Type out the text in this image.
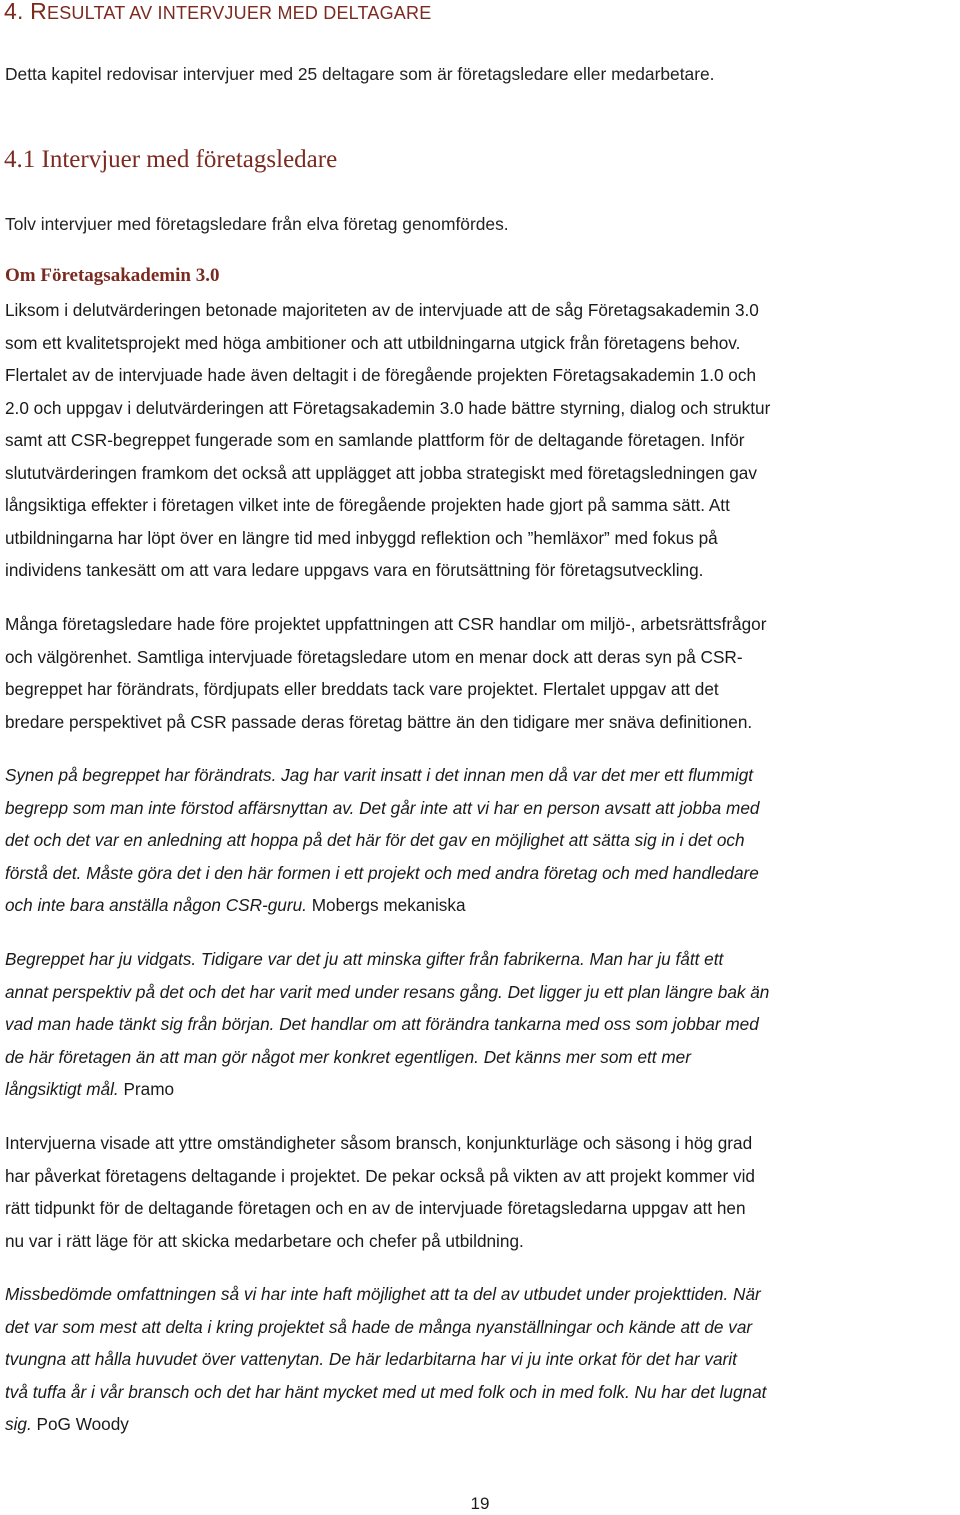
4. RESULTAT AV INTERVJUER MED DELTAGARE
Detta kapitel redovisar intervjuer med 25 deltagare som är företagsledare eller medarbetare.
4.1 Intervjuer med företagsledare
Tolv intervjuer med företagsledare från elva företag genomfördes.
Om Företagsakademin 3.0
Liksom i delutvärderingen betonade majoriteten av de intervjuade att de såg Företagsakademin 3.0
som ett kvalitetsprojekt med höga ambitioner och att utbildningarna utgick från företagens behov.
Flertalet av de intervjuade hade även deltagit i de föregående projekten Företagsakademin 1.0 och
2.0 och uppgav i delutvärderingen att Företagsakademin 3.0 hade bättre styrning, dialog och struktur
samt att CSR-begreppet fungerade som en samlande plattform för de deltagande företagen. Inför
slututvärderingen framkom det också att upplägget att jobba strategiskt med företagsledningen gav
långsiktiga effekter i företagen vilket inte de föregående projekten hade gjort på samma sätt. Att
utbildningarna har löpt över en längre tid med inbyggd reflektion och ”hemläxor” med fokus på
individens tankesätt om att vara ledare uppgavs vara en förutsättning för företagsutveckling.
Många företagsledare hade före projektet uppfattningen att CSR handlar om miljö-, arbetsrättsfrågor
och välgörenhet. Samtliga intervjuade företagsledare utom en menar dock att deras syn på CSR-
begreppet har förändrats, fördjupats eller breddats tack vare projektet. Flertalet uppgav att det
bredare perspektivet på CSR passade deras företag bättre än den tidigare mer snäva definitionen.
Synen på begreppet har förändrats. Jag har varit insatt i det innan men då var det mer ett flummigt
begrepp som man inte förstod affärsnyttan av. Det går inte att vi har en person avsatt att jobba med
det och det var en anledning att hoppa på det här för det gav en möjlighet att sätta sig in i det och
förstå det. Måste göra det i den här formen i ett projekt och med andra företag och med handledare
och inte bara anställa någon CSR-guru. Mobergs mekaniska
Begreppet har ju vidgats. Tidigare var det ju att minska gifter från fabrikerna. Man har ju fått ett
annat perspektiv på det och det har varit med under resans gång. Det ligger ju ett plan längre bak än
vad man hade tänkt sig från början. Det handlar om att förändra tankarna med oss som jobbar med
de här företagen än att man gör något mer konkret egentligen. Det känns mer som ett mer
långsiktigt mål. Pramo
Intervjuerna visade att yttre omständigheter såsom bransch, konjunkturläge och säsong i hög grad
har påverkat företagens deltagande i projektet. De pekar också på vikten av att projekt kommer vid
rätt tidpunkt för de deltagande företagen och en av de intervjuade företagsledarna uppgav att hen
nu var i rätt läge för att skicka medarbetare och chefer på utbildning.
Missbedömde omfattningen så vi har inte haft möjlighet att ta del av utbudet under projekttiden. När
det var som mest att delta i kring projektet så hade de många nyanställningar och kände att de var
tvungna att hålla huvudet över vattenytan. De här ledarbitarna har vi ju inte orkat för det har varit
två tuffa år i vår bransch och det har hänt mycket med ut med folk och in med folk. Nu har det lugnat
sig. PoG Woody
19
